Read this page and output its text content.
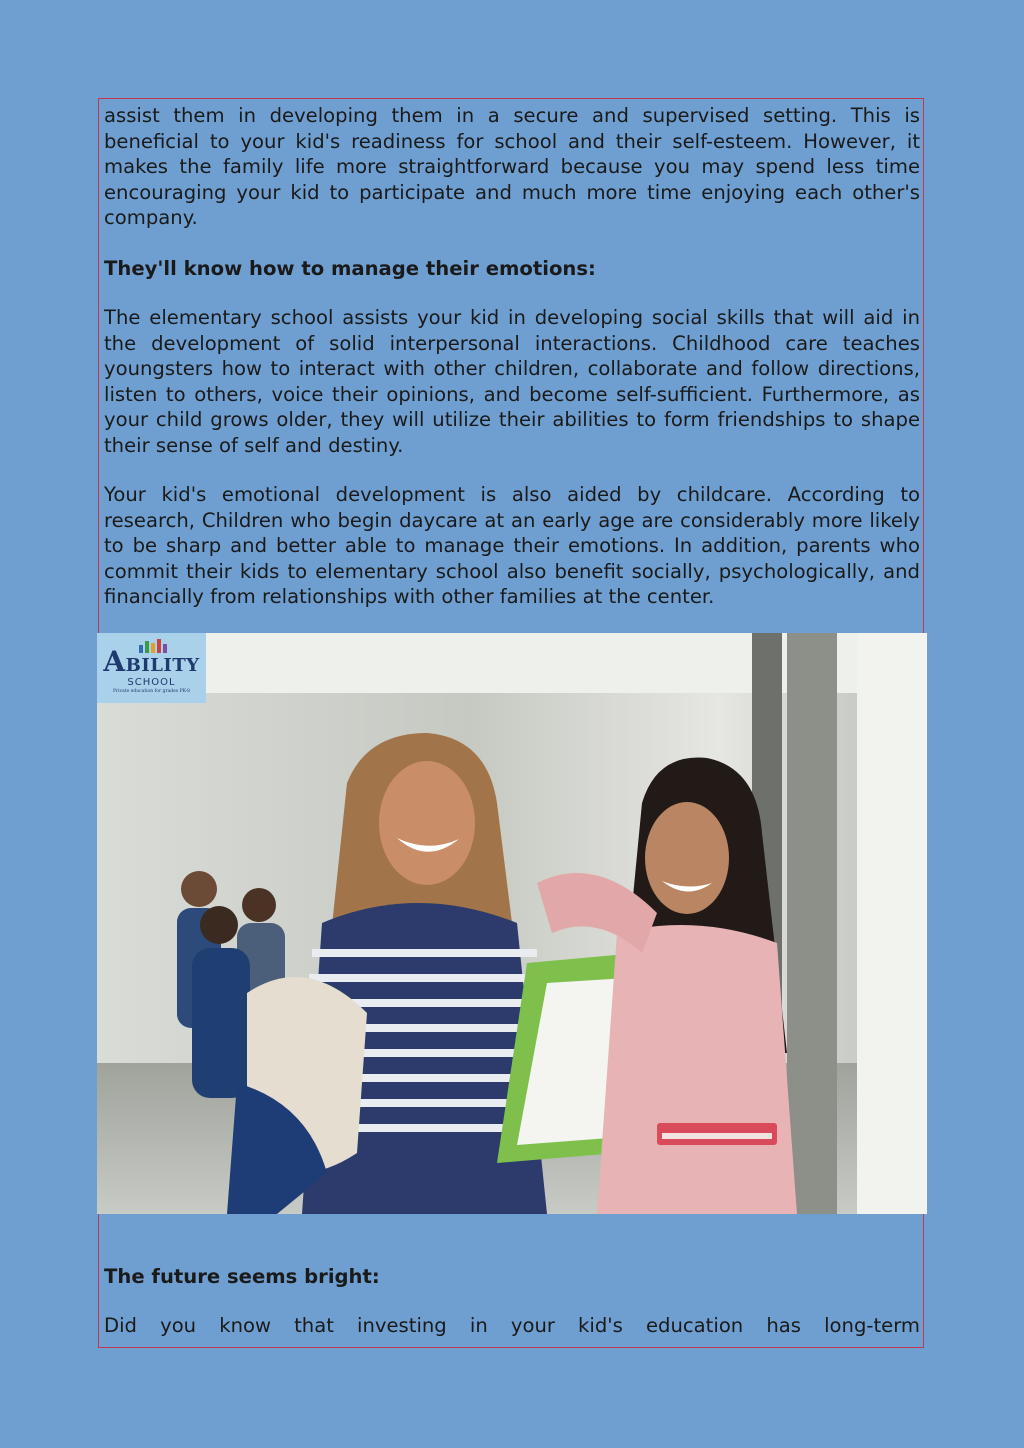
assist them in developing them in a secure and supervised setting. This is beneficial to your kid's readiness for school and their self-esteem. However, it makes the family life more straightforward because you may spend less time encouraging your kid to participate and much more time enjoying each other's company.
They'll know how to manage their emotions:
The elementary school assists your kid in developing social skills that will aid in the development of solid interpersonal interactions. Childhood care teaches youngsters how to interact with other children, collaborate and follow directions, listen to others, voice their opinions, and become self-sufficient. Furthermore, as your child grows older, they will utilize their abilities to form friendships to shape their sense of self and destiny.
Your kid's emotional development is also aided by childcare. According to research, Children who begin daycare at an early age are considerably more likely to be sharp and better able to manage their emotions. In addition, parents who commit their kids to elementary school also benefit socially, psychologically, and financially from relationships with other families at the center.
ABILITY
SCHOOL
Private education for grades PK-8
The future seems bright:
Did you know that investing in your kid's education has long-term
